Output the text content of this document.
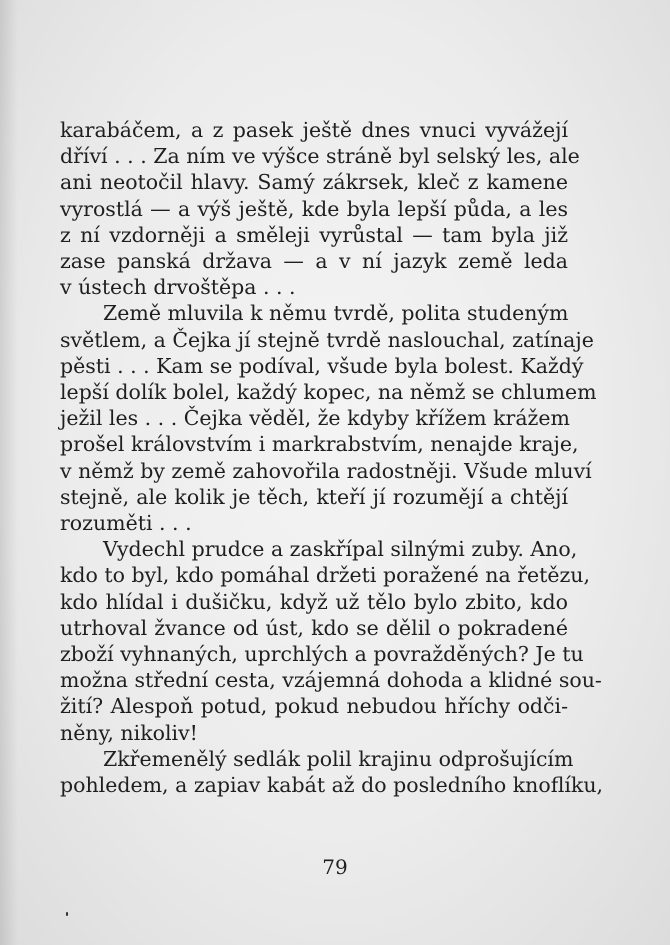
karabáčem, a z pasek ještě dnes vnuci vyvážejí
dříví . . . Za ním ve výšce stráně byl selský les, ale
ani neotočil hlavy. Samý zákrsek, kleč z kamene
vyrostlá — a výš ještě, kde byla lepší půda, a les
z ní vzdorněji a směleji vyrůstal — tam byla již
zase panská država — a v ní jazyk země leda
v ústech drvoštěpa . . .

Země mluvila k němu tvrdě, polita studeným
světlem, a Čejka jí stejně tvrdě naslouchal, zatínaje
pěsti . . . Kam se podíval, všude byla bolest. Každý
lepší dolík bolel, každý kopec, na němž se chlumem
ježil les . . . Čejka věděl, že kdyby křížem krážem
prošel královstvím i markrabstvím, nenajde kraje,
v němž by země zahovořila radostněji. Všude mluví
stejně, ale kolik je těch, kteří jí rozumějí a chtějí
rozuměti . . .

Vydechl prudce a zaskřípal silnými zuby. Ano,
kdo to byl, kdo pomáhal držeti poražené na řetězu,
kdo hlídal i dušičku, když už tělo bylo zbito, kdo
utrhoval žvance od úst, kdo se dělil o pokradené
zboží vyhnaných, uprchlých a povražděných? Je tu
možna střední cesta, vzájemná dohoda a klidné sou-
žití? Alespoň potud, pokud nebudou hříchy odči-
něny, nikoliv!

Zkřemenělý sedlák polil krajinu odprošujícím
pohledem, a zapiav kabát až do posledního knoflíku,

79
